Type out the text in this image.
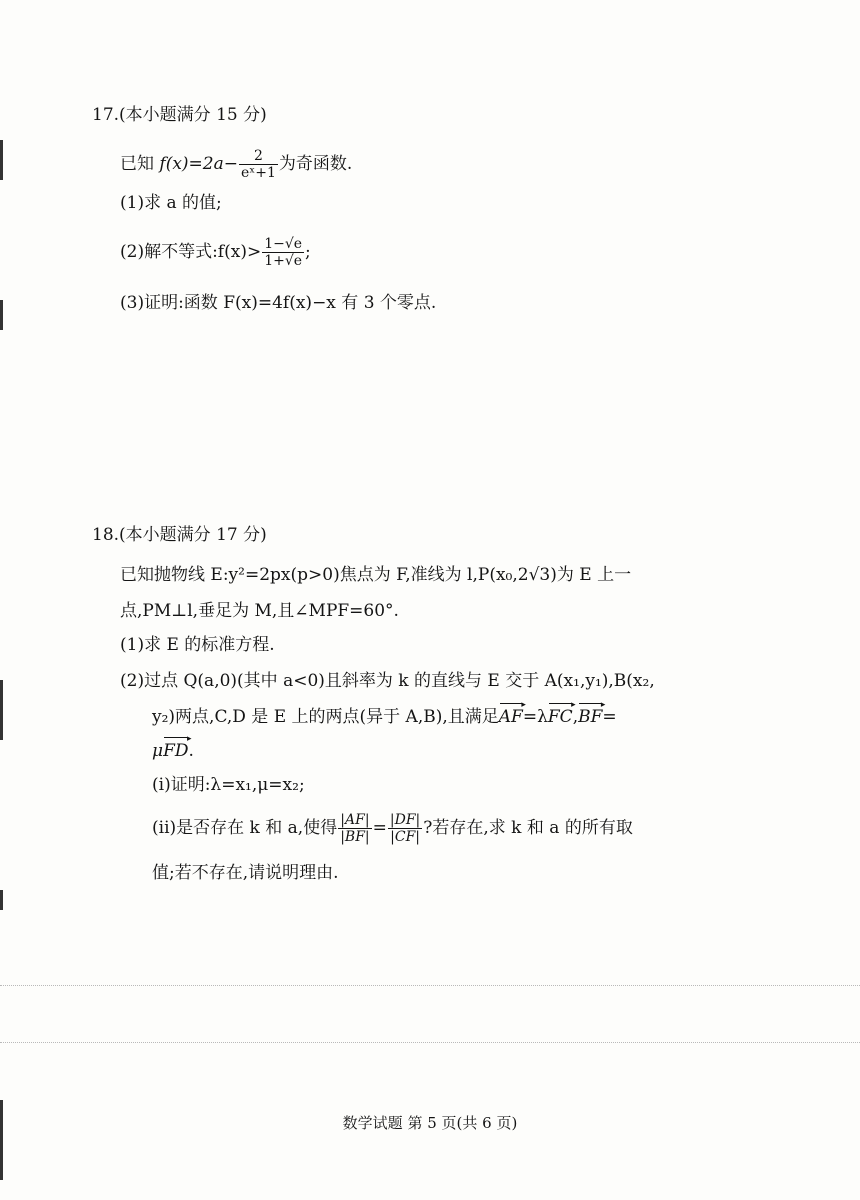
17.(本小题满分 15 分)
已知 $f(x)=2a- \frac{2}{\text{eˣ+1}}$ 为奇函数.
(1)求 a 的值;
(2)解不等式:f(x)> $\frac{1-√e}{1+√e}$ ;
(3)证明:函数 F(x)=4f(x)−x 有 3 个零点.
18.(本小题满分 17 分)
已知抛物线 E:y²=2px(p>0)焦点为 F,准线为 l,P(x₀,2√3)为 E 上一
点,PM⊥l,垂足为 M,且∠MPF=60°.
(1)求 E 的标准方程.
(2)过点 Q(a,0)(其中 a<0)且斜率为 k 的直线与 E 交于 A(x₁,y₁),B(x₂,
y₂)两点,C,D 是 E 上的两点(异于 A,B),且满足AF ▸=λFC ▸,BF ▸=
μFD ▸.
(i)证明:λ=x₁,μ=x₂;
(ii)是否存在 k 和 a,使得 $\frac{|AF|}{|BF|} = \frac{|DF|}{|CF|}$ ?若存在,求 k 和 a 的所有取
值;若不存在,请说明理由.
数学试题 第 5 页(共 6 页)
